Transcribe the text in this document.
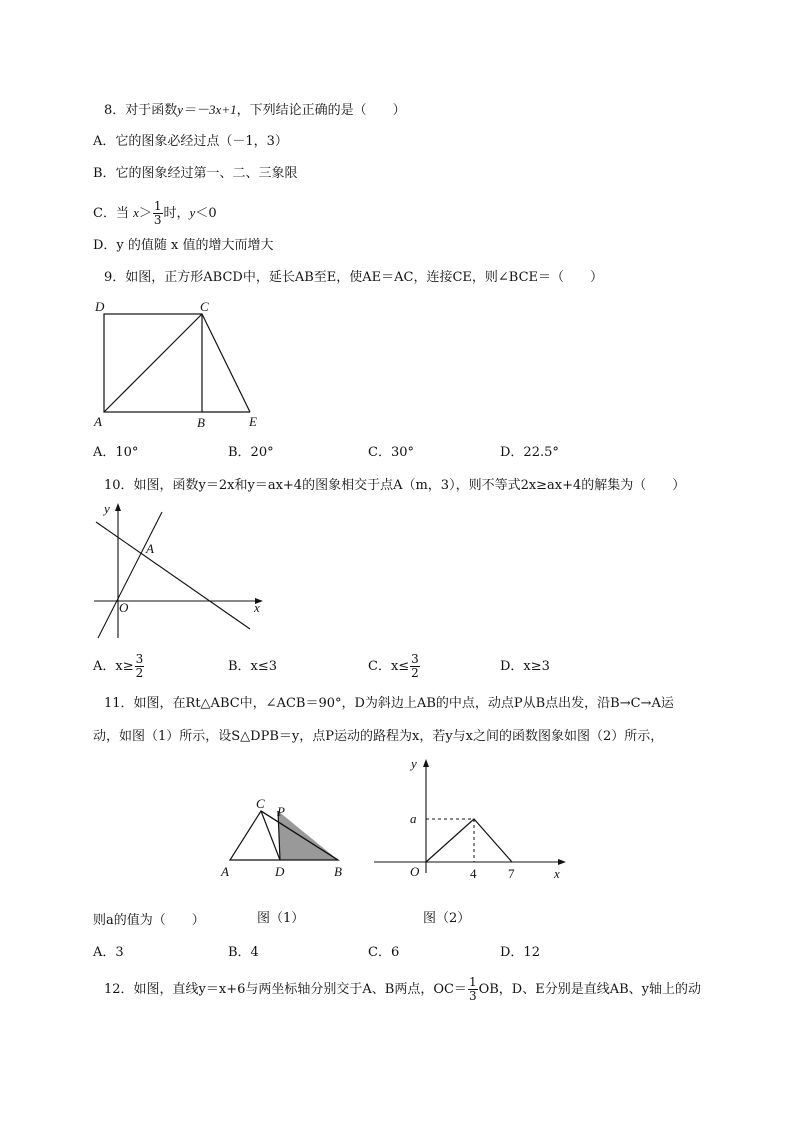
8．对于函数y＝－3x+1，下列结论正确的是（　　）
A．它的图象必经过点（－1，3）
B．它的图象经过第一、二、三象限
C．当 $x> \frac{1}{3}$ 时，y＜0
D．y 的值随 x 值的增大而增大
9．如图，正方形ABCD中，延长AB至E，使AE＝AC，连接CE，则∠BCE＝（　　）
D	C
A	B	E
A．10°	B．20°	C．30°	D．22.5°
10．如图，函数y＝2x和y＝ax+4的图象相交于点A（m，3），则不等式2x≥ax+4的解集为（　　）
y
x
O
A
A．$x\ge \frac{3}{2}$	B．x≤3	C．$x\le \frac{3}{2}$	D．x≥3
11．如图，在Rt△ABC中，∠ACB＝90°，D为斜边上AB的中点，动点P从B点出发，沿B→C→A运
动，如图（1）所示，设S△DPB＝y，点P运动的路程为x，若y与x之间的函数图象如图（2）所示，
C
P
A	D	B
y
a
O	4 7	x
则a的值为（　　）	图（1）	图（2）
A．3	B．4	C．6	D．12
12．如图，直线y＝x+6与两坐标轴分别交于A、B两点，$OC= \frac{1}{3}$ OB，D、E分别是直线AB、y轴上的动
